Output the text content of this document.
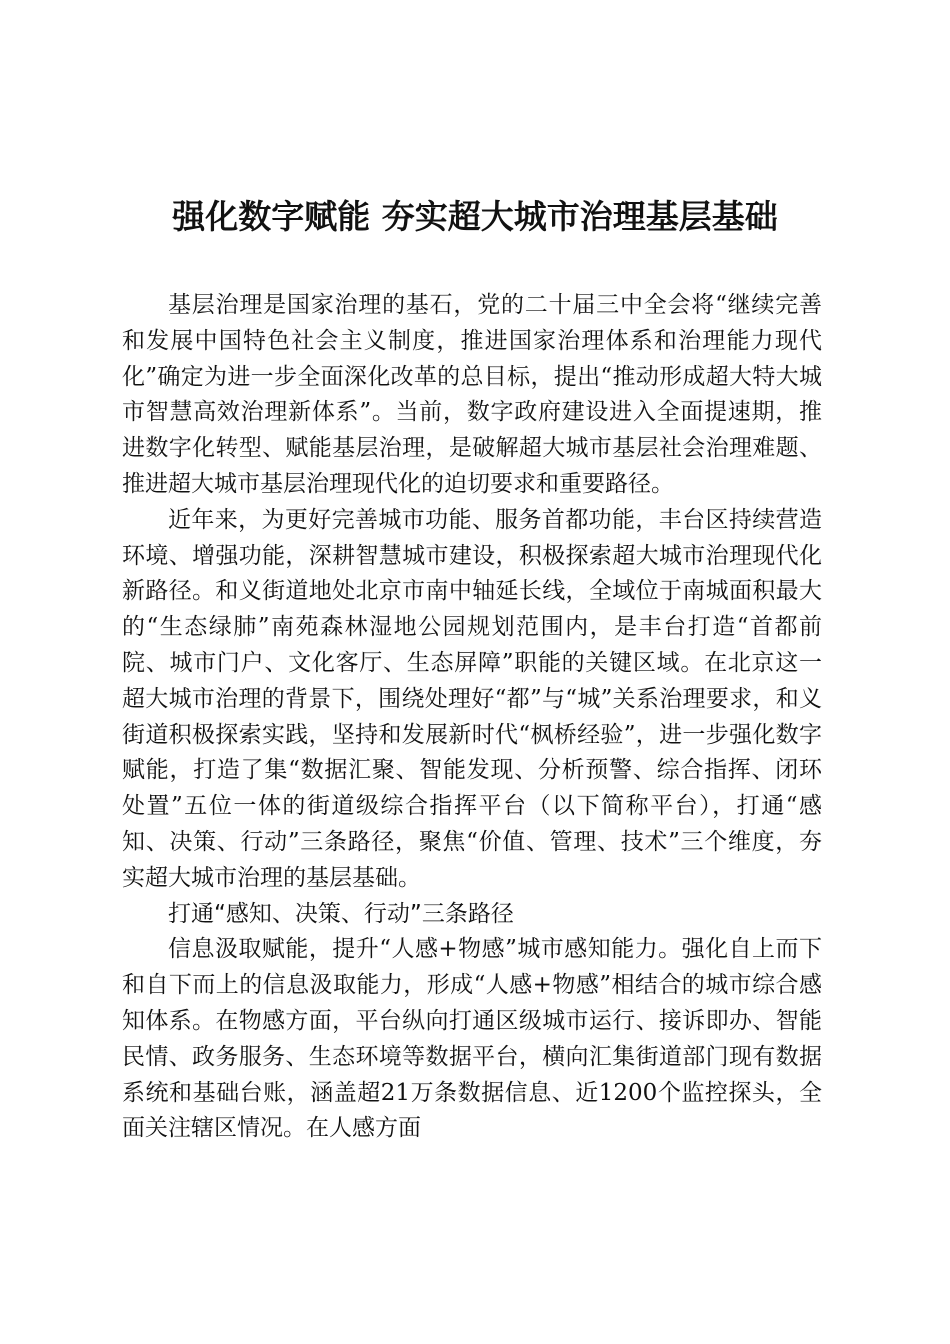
强化数字赋能 夯实超大城市治理基层基础

基层治理是国家治理的基石，党的二十届三中全会将“继续完善和发展中国特色社会主义制度，推进国家治理体系和治理能力现代化”确定为进一步全面深化改革的总目标，提出“推动形成超大特大城市智慧高效治理新体系”。当前，数字政府建设进入全面提速期，推进数字化转型、赋能基层治理，是破解超大城市基层社会治理难题、推进超大城市基层治理现代化的迫切要求和重要路径。

近年来，为更好完善城市功能、服务首都功能，丰台区持续营造环境、增强功能，深耕智慧城市建设，积极探索超大城市治理现代化新路径。和义街道地处北京市南中轴延长线，全域位于南城面积最大的“生态绿肺”南苑森林湿地公园规划范围内，是丰台打造“首都前院、城市门户、文化客厅、生态屏障”职能的关键区域。在北京这一超大城市治理的背景下，围绕处理好“都”与“城”关系治理要求，和义街道积极探索实践，坚持和发展新时代“枫桥经验”，进一步强化数字赋能，打造了集“数据汇聚、智能发现、分析预警、综合指挥、闭环处置”五位一体的街道级综合指挥平台（以下简称平台），打通“感知、决策、行动”三条路径，聚焦“价值、管理、技术”三个维度，夯实超大城市治理的基层基础。

打通“感知、决策、行动”三条路径

信息汲取赋能，提升“人感+物感”城市感知能力。强化自上而下和自下而上的信息汲取能力，形成“人感+物感”相结合的城市综合感知体系。在物感方面，平台纵向打通区级城市运行、接诉即办、智能民情、政务服务、生态环境等数据平台，横向汇集街道部门现有数据系统和基础台账，涵盖超21万条数据信息、近1200个监控探头，全面关注辖区情况。在人感方面
